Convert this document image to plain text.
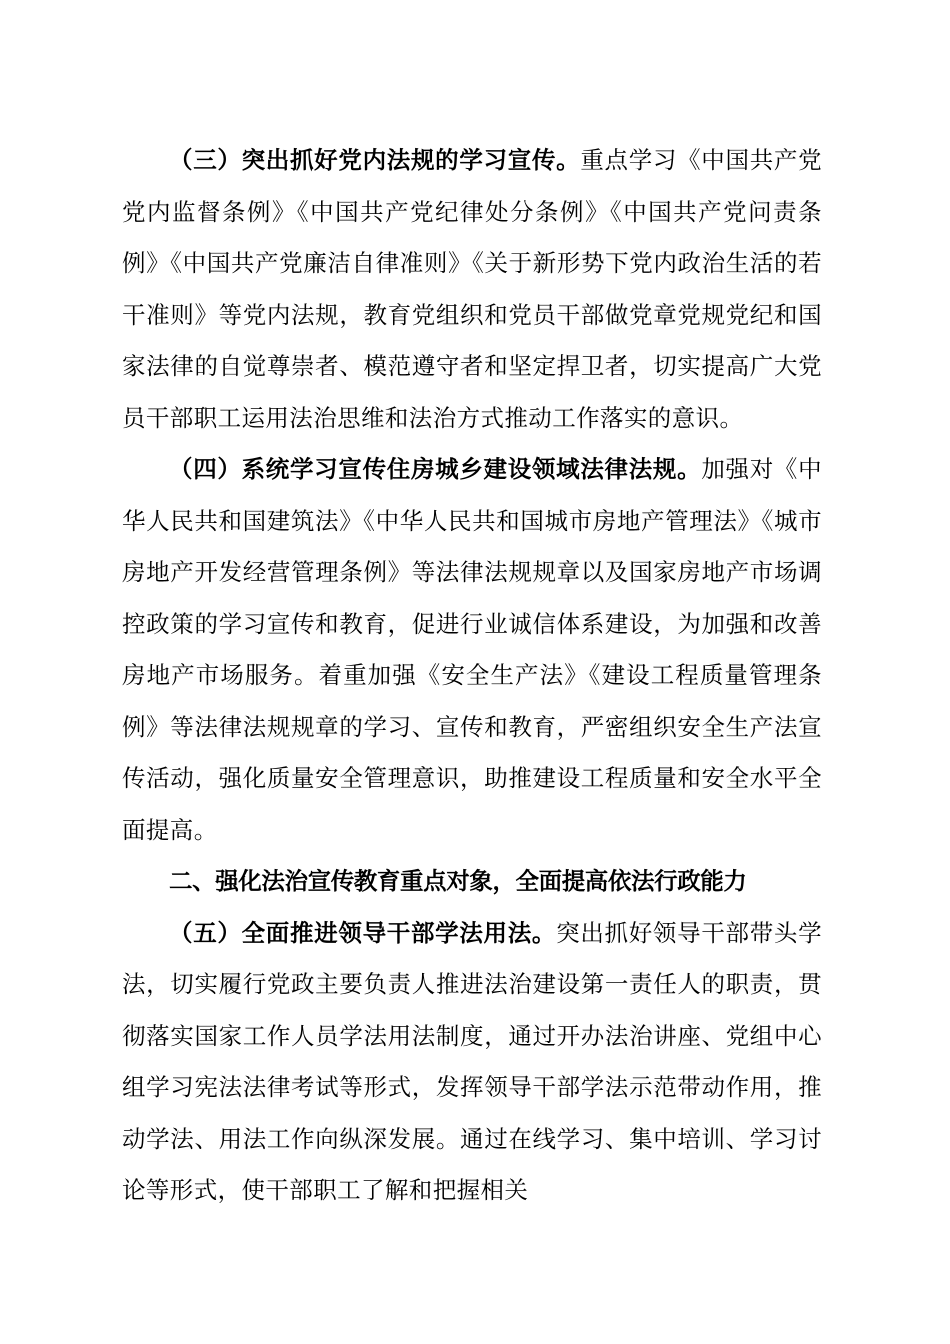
（三）突出抓好党内法规的学习宣传。重点学习《中国共产党党内监督条例》《中国共产党纪律处分条例》《中国共产党问责条例》《中国共产党廉洁自律准则》《关于新形势下党内政治生活的若干准则》等党内法规，教育党组织和党员干部做党章党规党纪和国家法律的自觉尊崇者、模范遵守者和坚定捍卫者，切实提高广大党员干部职工运用法治思维和法治方式推动工作落实的意识。

（四）系统学习宣传住房城乡建设领域法律法规。加强对《中华人民共和国建筑法》《中华人民共和国城市房地产管理法》《城市房地产开发经营管理条例》等法律法规规章以及国家房地产市场调控政策的学习宣传和教育，促进行业诚信体系建设，为加强和改善房地产市场服务。着重加强《安全生产法》《建设工程质量管理条例》等法律法规规章的学习、宣传和教育，严密组织安全生产法宣传活动，强化质量安全管理意识，助推建设工程质量和安全水平全面提高。

二、强化法治宣传教育重点对象，全面提高依法行政能力

（五）全面推进领导干部学法用法。突出抓好领导干部带头学法，切实履行党政主要负责人推进法治建设第一责任人的职责，贯彻落实国家工作人员学法用法制度，通过开办法治讲座、党组中心组学习宪法法律考试等形式，发挥领导干部学法示范带动作用，推动学法、用法工作向纵深发展。通过在线学习、集中培训、学习讨论等形式，使干部职工了解和把握相关
